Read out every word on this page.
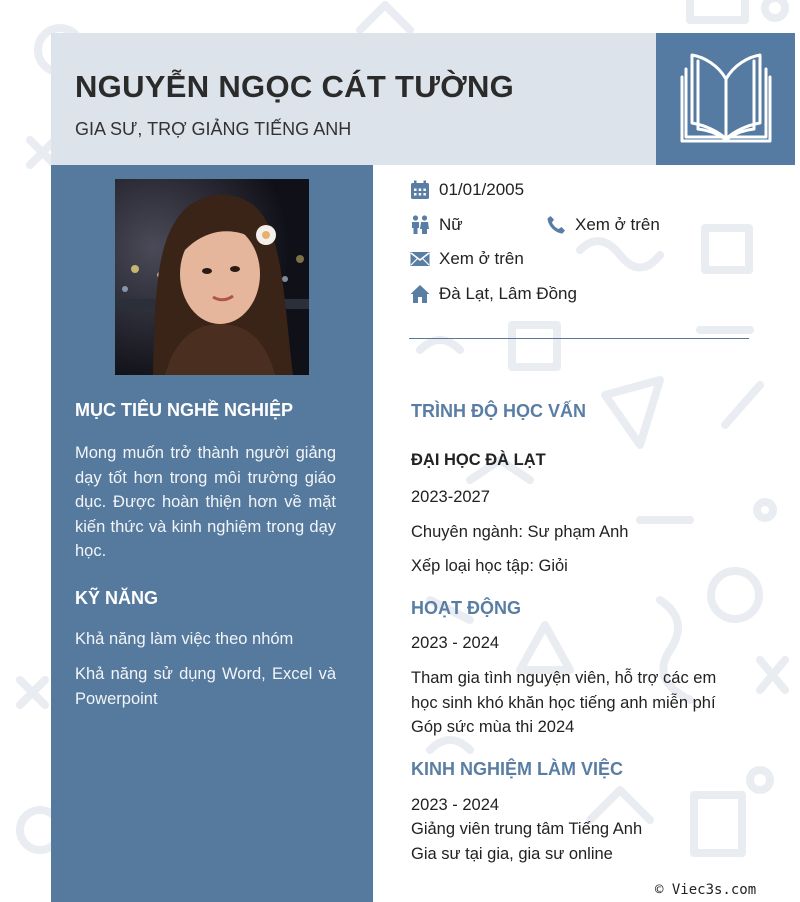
NGUYỄN NGỌC CÁT TƯỜNG
GIA SƯ, TRỢ GIẢNG TIẾNG ANH
MỤC TIÊU NGHỀ NGHIỆP
Mong muốn trở thành người giảng dạy tốt hơn trong môi trường giáo dục. Được hoàn thiện hơn về mặt kiến thức và kinh nghiệm trong dạy học.
KỸ NĂNG
Khả năng làm việc theo nhóm
Khả năng sử dụng Word, Excel và Powerpoint
01/01/2005
Nữ	Xem ở trên
Xem ở trên
Đà Lạt, Lâm Đồng
TRÌNH ĐỘ HỌC VẤN
ĐẠI HỌC ĐÀ LẠT
2023-2027
Chuyên ngành: Sư phạm Anh
Xếp loại học tập: Giỏi
HOẠT ĐỘNG
2023 - 2024
Tham gia tình nguyện viên, hỗ trợ các em
học sinh khó khăn học tiếng anh miễn phí
Góp sức mùa thi 2024
KINH NGHIỆM LÀM VIỆC
2023 - 2024
Giảng viên trung tâm Tiếng Anh
Gia sư tại gia, gia sư online
© Viec3s.com
